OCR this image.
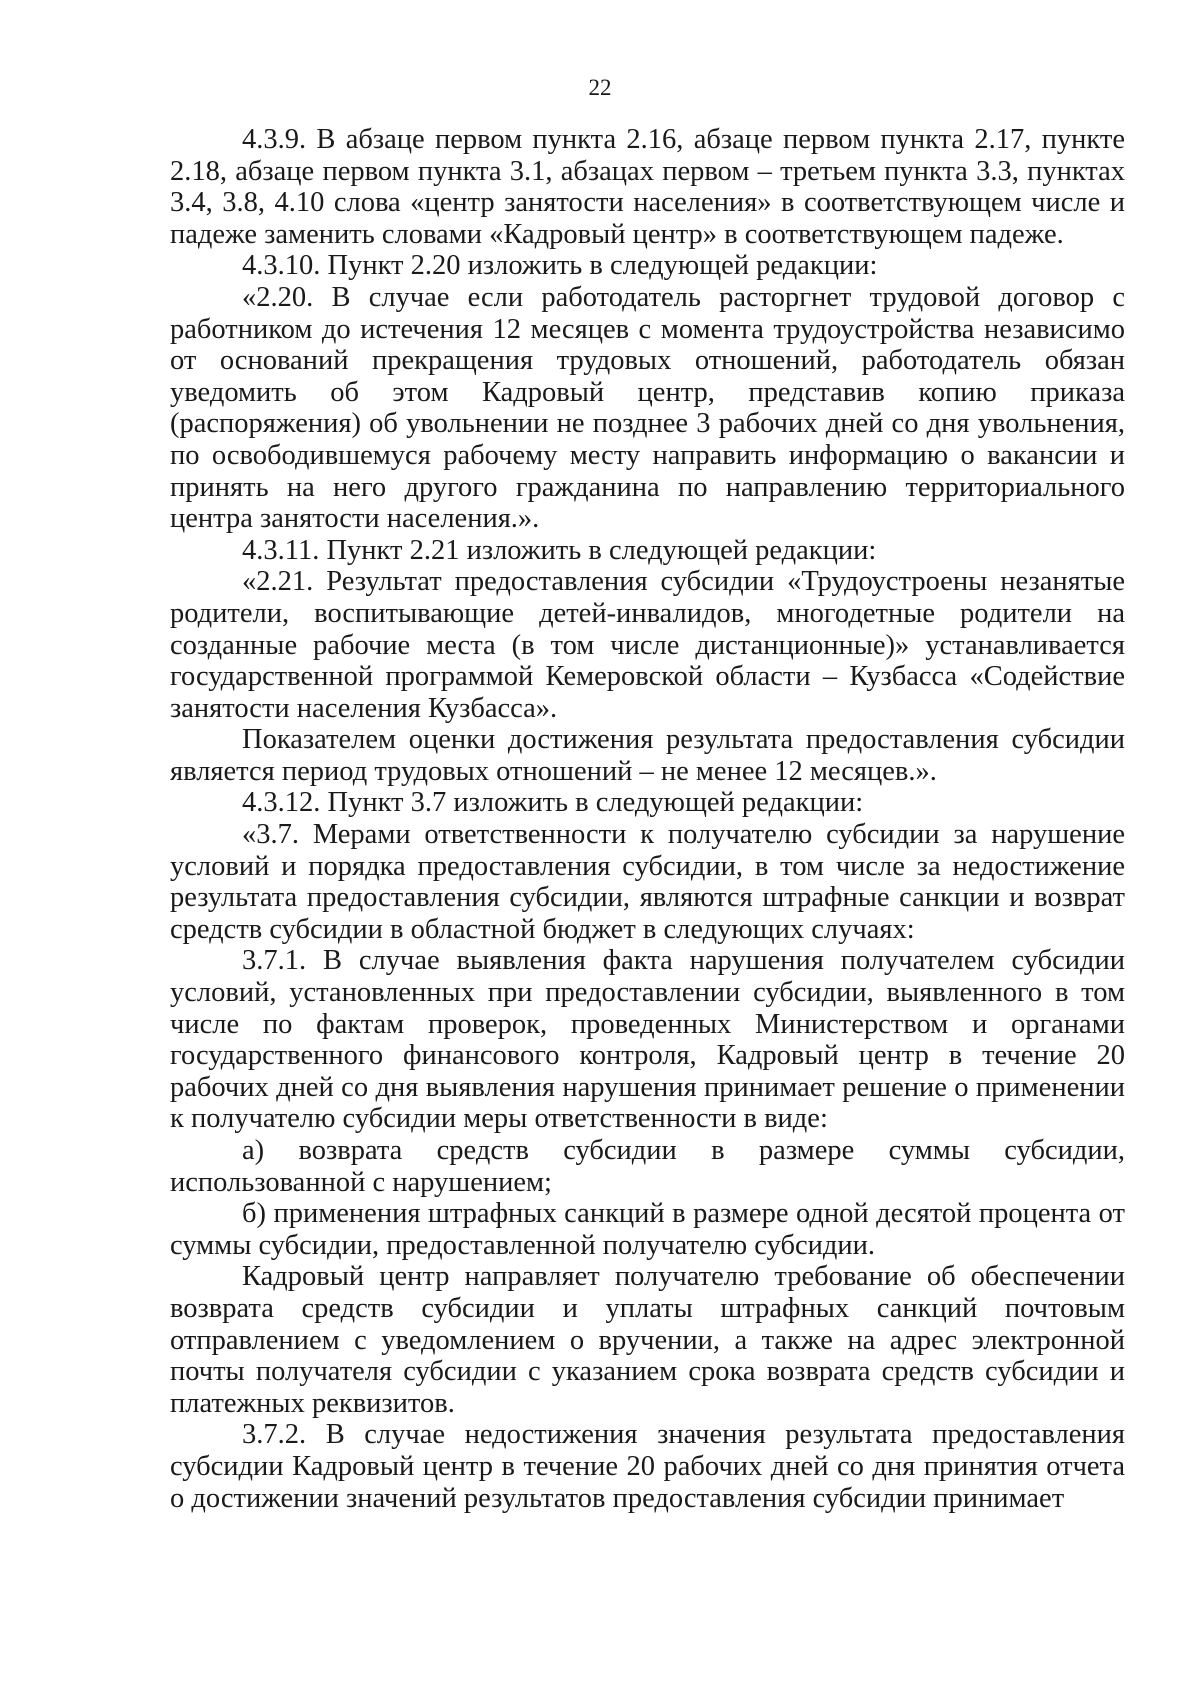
22

4.3.9. В абзаце первом пункта 2.16, абзаце первом пункта 2.17, пункте 2.18, абзаце первом пункта 3.1, абзацах первом – третьем пункта 3.3, пунктах 3.4, 3.8, 4.10 слова «центр занятости населения» в соответствующем числе и падеже заменить словами «Кадровый центр» в соответствующем падеже.

4.3.10. Пункт 2.20 изложить в следующей редакции:

«2.20. В случае если работодатель расторгнет трудовой договор с работником до истечения 12 месяцев с момента трудоустройства независимо от оснований прекращения трудовых отношений, работодатель обязан уведомить об этом Кадровый центр, представив копию приказа (распоряжения) об увольнении не позднее 3 рабочих дней со дня увольнения, по освободившемуся рабочему месту направить информацию о вакансии и принять на него другого гражданина по направлению территориального центра занятости населения.».

4.3.11. Пункт 2.21 изложить в следующей редакции:

«2.21. Результат предоставления субсидии «Трудоустроены незанятые родители, воспитывающие детей-инвалидов, многодетные родители на созданные рабочие места (в том числе дистанционные)» устанавливается государственной программой Кемеровской области – Кузбасса «Содействие занятости населения Кузбасса».

Показателем оценки достижения результата предоставления субсидии является период трудовых отношений – не менее 12 месяцев.».

4.3.12. Пункт 3.7 изложить в следующей редакции:

«3.7. Мерами ответственности к получателю субсидии за нарушение условий и порядка предоставления субсидии, в том числе за недостижение результата предоставления субсидии, являются штрафные санкции и возврат средств субсидии в областной бюджет в следующих случаях:

3.7.1. В случае выявления факта нарушения получателем субсидии условий, установленных при предоставлении субсидии, выявленного в том числе по фактам проверок, проведенных Министерством и органами государственного финансового контроля, Кадровый центр в течение 20 рабочих дней со дня выявления нарушения принимает решение о применении к получателю субсидии меры ответственности в виде:

а) возврата средств субсидии в размере суммы субсидии, использованной с нарушением;

б) применения штрафных санкций в размере одной десятой процента от суммы субсидии, предоставленной получателю субсидии.

Кадровый центр направляет получателю требование об обеспечении возврата средств субсидии и уплаты штрафных санкций почтовым отправлением с уведомлением о вручении, а также на адрес электронной почты получателя субсидии с указанием срока возврата средств субсидии и платежных реквизитов.

3.7.2. В случае недостижения значения результата предоставления субсидии Кадровый центр в течение 20 рабочих дней со дня принятия отчета о достижении значений результатов предоставления субсидии принимает
